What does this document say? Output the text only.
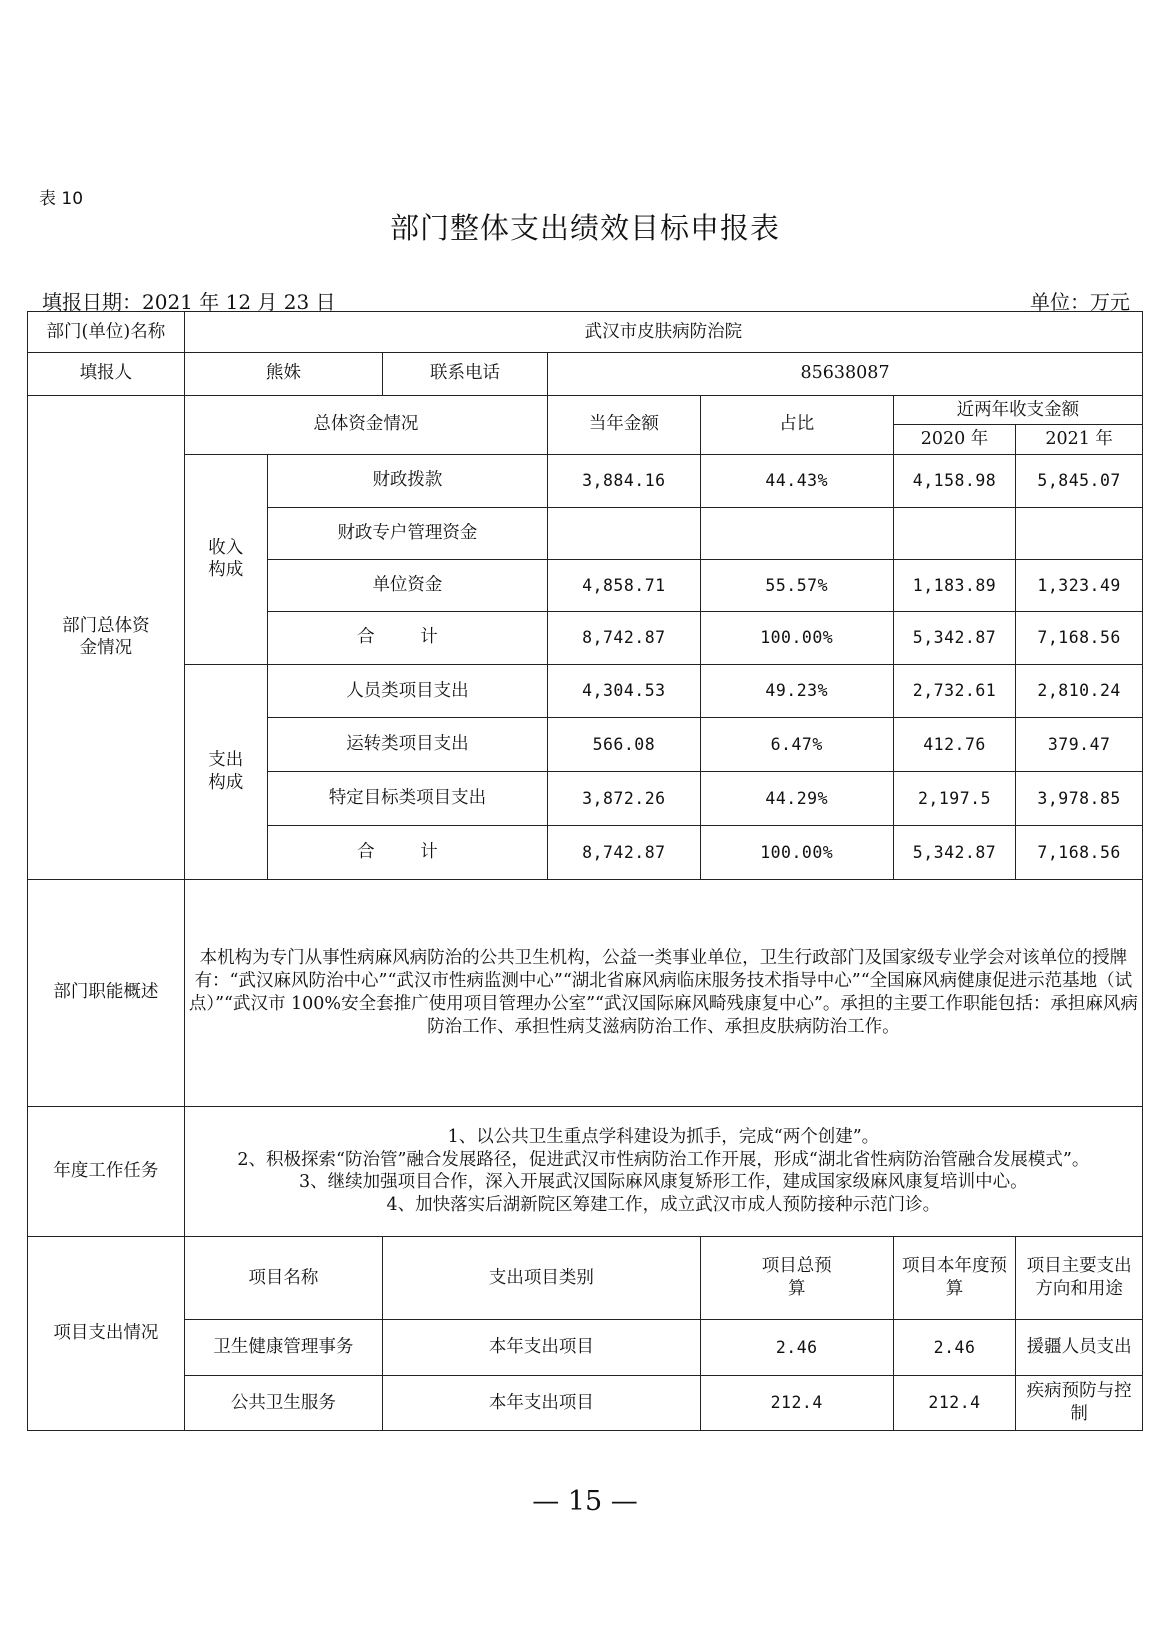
表 10
部门整体支出绩效目标申报表
填报日期：2021 年 12 月 23 日	单位：万元
部门(单位)名称	武汉市皮肤病防治院						
填报人	熊姝		联系电话	85638087			
部门总体资金情况	总体资金情况			当年金额	占比	近两年收支金额	
						2020 年	2021 年
	收入构成	财政拨款		3,884.16	44.43%	4,158.98	5,845.07
		财政专户管理资金					
		单位资金		4,858.71	55.57%	1,183.89	1,323.49
		合 计		8,742.87	100.00%	5,342.87	7,168.56
	支出构成	人员类项目支出		4,304.53	49.23%	2,732.61	2,810.24
		运转类项目支出		566.08	6.47%	412.76	379.47
		特定目标类项目支出		3,872.26	44.29%	2,197.5	3,978.85
		合 计		8,742.87	100.00%	5,342.87	7,168.56
部门职能概述	本机构为专门从事性病麻风病防治的公共卫生机构，公益一类事业单位，卫生行政部门及国家级专业学会对该单位的授牌有：“武汉麻风防治中心”“武汉市性病监测中心”“湖北省麻风病临床服务技术指导中心”“全国麻风病健康促进示范基地（试点）”“武汉市 100%安全套推广使用项目管理办公室”“武汉国际麻风畸残康复中心”。承担的主要工作职能包括：承担麻风病防治工作、承担性病艾滋病防治工作、承担皮肤病防治工作。						
年度工作任务	1、以公共卫生重点学科建设为抓手，完成“两个创建”。
2、积极探索“防治管”融合发展路径，促进武汉市性病防治工作开展，形成“湖北省性病防治管融合发展模式”。
3、继续加强项目合作，深入开展武汉国际麻风康复矫形工作，建成国家级麻风康复培训中心。
4、加快落实后湖新院区筹建工作，成立武汉市成人预防接种示范门诊。						

项目支出情况	项目名称		支出项目类别		项目总预算	项目本年度预算	项目主要支出方向和用途
	卫生健康管理事务		本年支出项目		2.46	2.46	援疆人员支出
	公共卫生服务		本年支出项目		212.4	212.4	疾病预防与控制
— 15 —
